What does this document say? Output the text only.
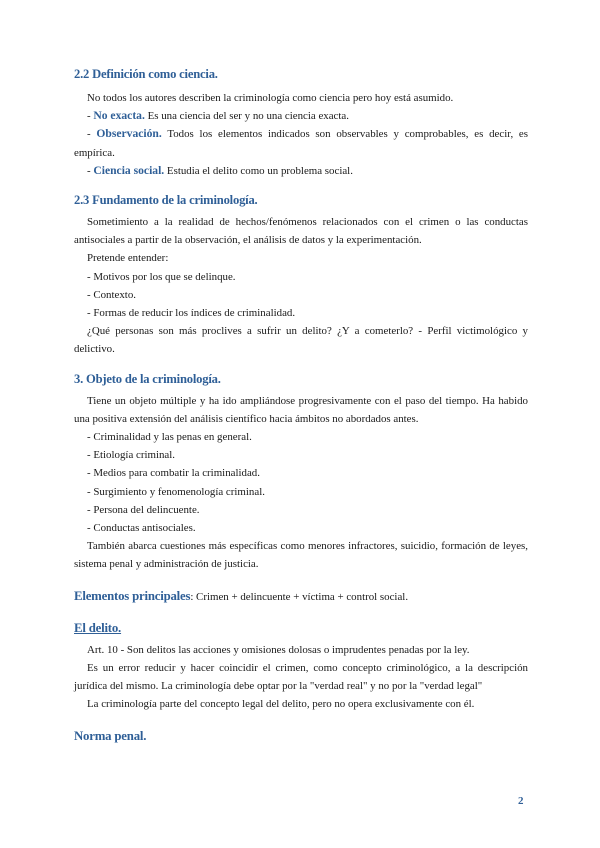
2.2 Definición como ciencia.

No todos los autores describen la criminología como ciencia pero hoy está asumido.

- No exacta. Es una ciencia del ser y no una ciencia exacta.

- Observación. Todos los elementos indicados son observables y comprobables, es decir, es empírica.

- Ciencia social. Estudia el delito como un problema social.

2.3 Fundamento de la criminología.

Sometimiento a la realidad de hechos/fenómenos relacionados con el crimen o las conductas antisociales a partir de la observación, el análisis de datos y la experimentación.

Pretende entender:

- Motivos por los que se delinque.

- Contexto.

- Formas de reducir los índices de criminalidad.

¿Qué personas son más proclives a sufrir un delito? ¿Y a cometerlo? - Perfil victimológico y delictivo.

3. Objeto de la criminología.

Tiene un objeto múltiple y ha ido ampliándose progresivamente con el paso del tiempo. Ha habido una positiva extensión del análisis científico hacia ámbitos no abordados antes.

- Criminalidad y las penas en general.

- Etiología criminal.

- Medios para combatir la criminalidad.

- Surgimiento y fenomenología criminal.

- Persona del delincuente.

- Conductas antisociales.

También abarca cuestiones más específicas como menores infractores, suicidio, formación de leyes, sistema penal y administración de justicia.

Elementos principales: Crimen + delincuente + víctima + control social.

El delito.

Art. 10 - Son delitos las acciones y omisiones dolosas o imprudentes penadas por la ley.

Es un error reducir y hacer coincidir el crimen, como concepto criminológico, a la descripción jurídica del mismo. La criminología debe optar por la "verdad real" y no por la "verdad legal"

La criminología parte del concepto legal del delito, pero no opera exclusivamente con él.

Norma penal.

2
